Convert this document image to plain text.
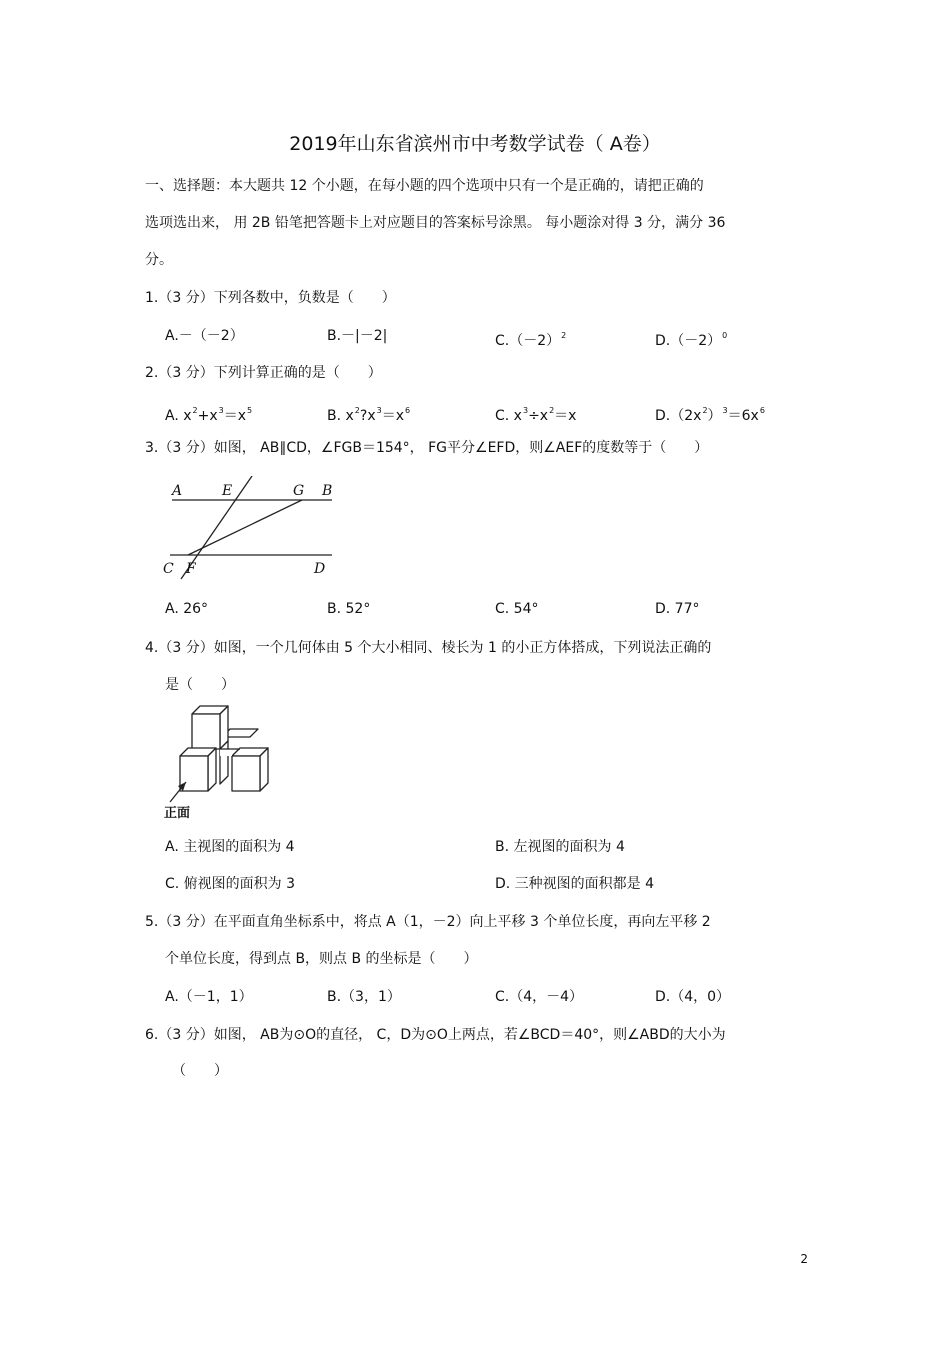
2019年山东省滨州市中考数学试卷（ A卷）
一、选择题：本大题共 12 个小题，在每小题的四个选项中只有一个是正确的，请把正确的
选项选出来， 用 2B 铅笔把答题卡上对应题目的答案标号涂黑。 每小题涂对得 3 分，满分 36
分。
1.（3 分）下列各数中，负数是（　　）
A.－（－2）	B.－|－2|	$C.(-2)^2$	$D.(-2)^0$
2.（3 分）下列计算正确的是（　　）
A. $x^2+x^3=x^5$	B. $x^2?x^3=x^6$	C. $x^3\div x^2=x$	$D.(2x^2)^3=6x^6$
3.（3 分）如图， AB∥CD，∠FGB＝154°， FG平分∠EFD，则∠AEF的度数等于（　　）
A	E	G B
C F	D
A. 26°	B. 52°	C. 54°	D. 77°
4.（3 分）如图，一个几何体由 5 个大小相同、棱长为 1 的小正方体搭成，下列说法正确的
是（　　）
正面
A. 主视图的面积为 4	B. 左视图的面积为 4
C. 俯视图的面积为 3	D. 三种视图的面积都是 4
5.（3 分）在平面直角坐标系中，将点 A（1，－2）向上平移 3 个单位长度，再向左平移 2
个单位长度，得到点 B，则点 B 的坐标是（　　）
A.（－1，1）	B.（3，1）	C.（4，－4）	D.（4，0）
6.（3 分）如图， AB为⊙O的直径， C，D为⊙O上两点，若∠BCD＝40°，则∠ABD的大小为
（　　）
2
